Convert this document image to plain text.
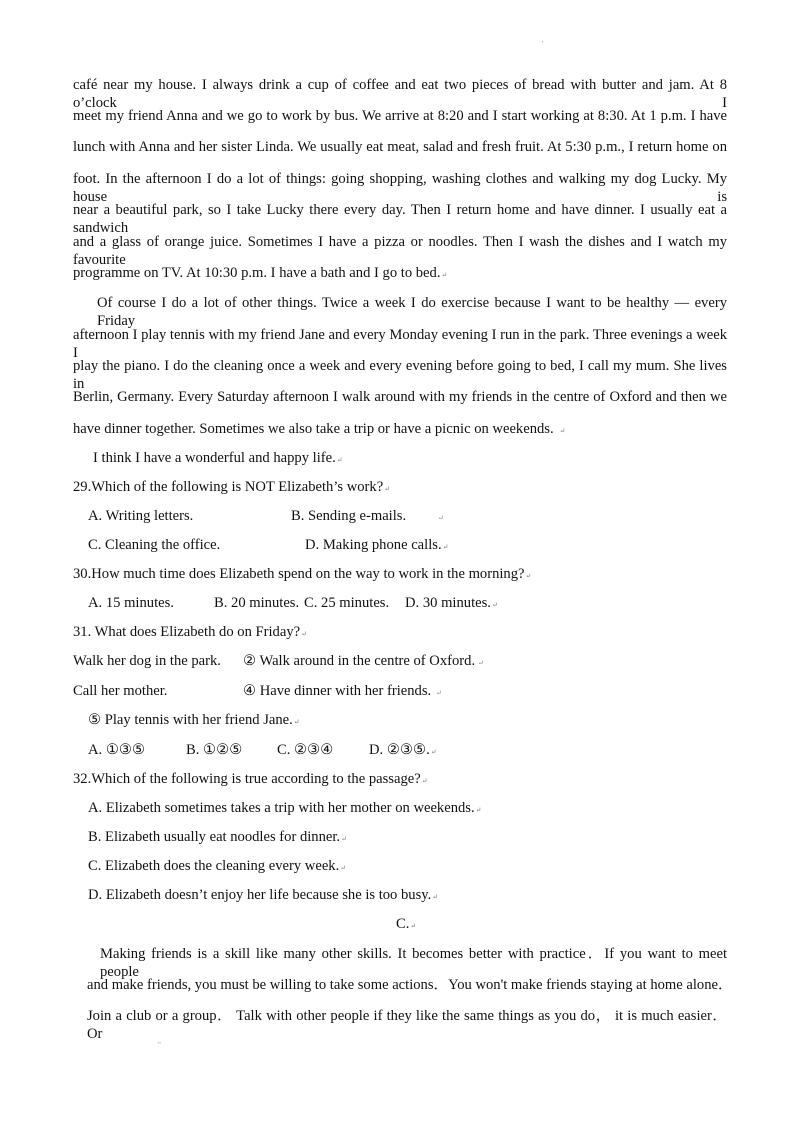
'
café near my house. I always drink a cup of coffee and eat two pieces of bread with butter and jam. At 8 o’clock I
meet my friend Anna and we go to work by bus. We arrive at 8:20 and I start working at 8:30. At 1 p.m. I have
lunch with Anna and her sister Linda. We usually eat meat, salad and fresh fruit. At 5:30 p.m., I return home on
foot. In the afternoon I do a lot of things: going shopping, washing clothes and walking my dog Lucky. My house is
near a beautiful park, so I take Lucky there every day. Then I return home and have dinner. I usually eat a sandwich
and a glass of orange juice. Sometimes I have a pizza or noodles. Then I wash the dishes and I watch my favourite
programme on TV. At 10:30 p.m. I have a bath and I go to bed.↵
Of course I do a lot of other things. Twice a week I do exercise because I want to be healthy — every Friday
afternoon I play tennis with my friend Jane and every Monday evening I run in the park. Three evenings a week I
play the piano. I do the cleaning once a week and every evening before going to bed, I call my mum. She lives in
Berlin, Germany. Every Saturday afternoon I walk around with my friends in the centre of Oxford and then we
have dinner together. Sometimes we also take a trip or have a picnic on weekends. ↵
I think I have a wonderful and happy life.↵
29.Which of the following is NOT Elizabeth’s work?↵
A. Writing letters.	B. Sending e-mails.	↵
C. Cleaning the office.	D. Making phone calls.↵
30.How much time does Elizabeth spend on the way to work in the morning?↵
A. 15 minutes.	B. 20 minutes. C. 25 minutes. D. 30 minutes.↵
31. What does Elizabeth do on Friday?↵
Walk her dog in the park. ② Walk around in the centre of Oxford. ↵
Call her mother.	④ Have dinner with her friends. ↵
⑤ Play tennis with her friend Jane.↵
A. ①③⑤	B. ①②⑤ C. ②③④ D. ②③⑤.↵
32.Which of the following is true according to the passage?↵
A. Elizabeth sometimes takes a trip with her mother on weekends.↵
B. Elizabeth usually eat noodles for dinner.↵
C. Elizabeth does the cleaning every week.↵
D. Elizabeth doesn’t enjoy her life because she is too busy.↵
C.↵
Making friends is a skill like many other skills. It becomes better with practice．If you want to meet people
and make friends, you must be willing to take some actions．You won't make friends staying at home alone．
Join a club or a group． Talk with other people if they like the same things as you do， it is much easier．Or
"
